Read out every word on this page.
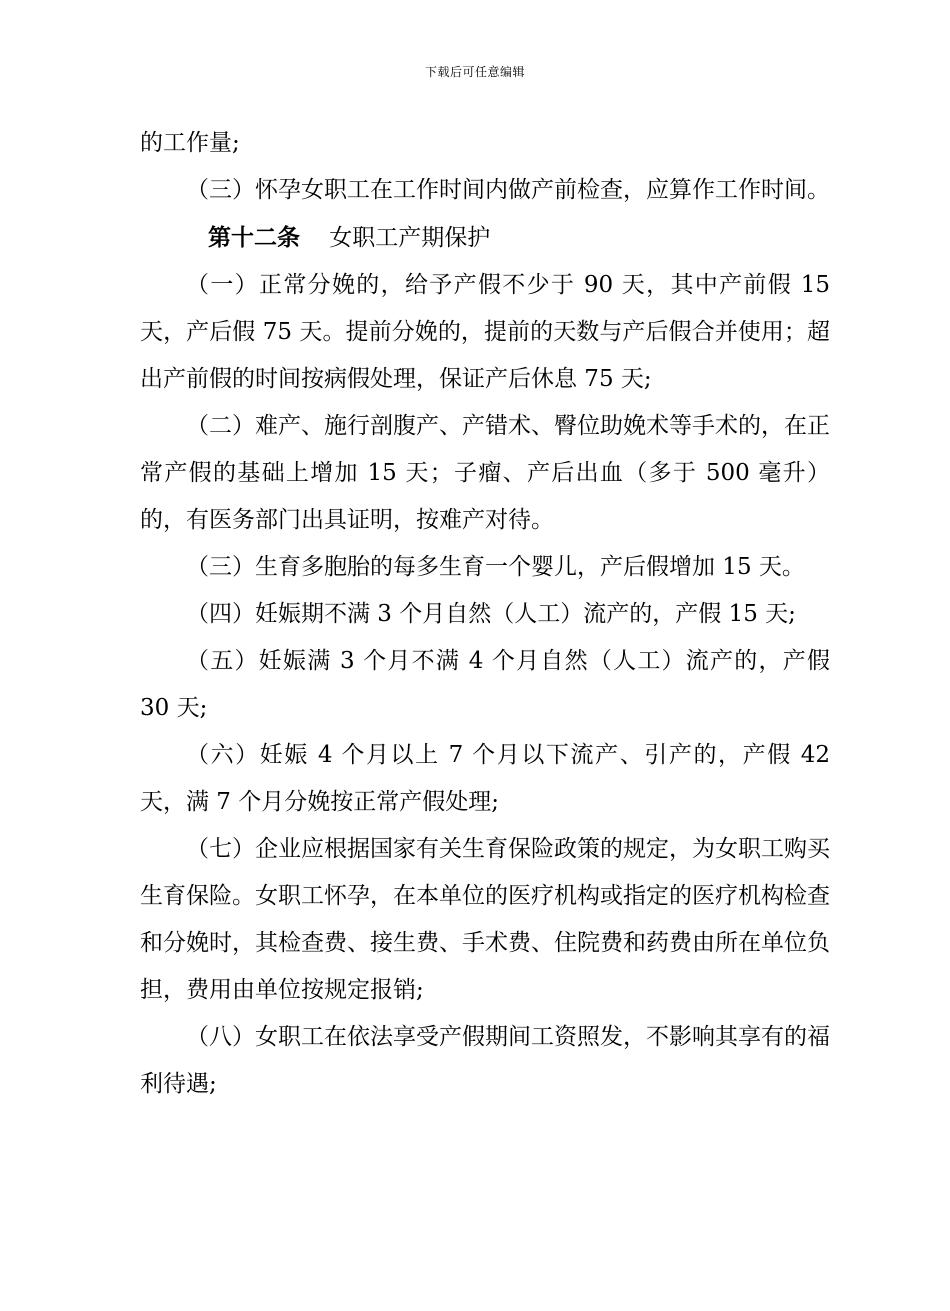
下载后可任意编辑

的工作量;

（三）怀孕女职工在工作时间内做产前检查，应算作工作时间。

第十二条    女职工产期保护

（一）正常分娩的，给予产假不少于 90 天，其中产前假 15 天，产后假 75 天。提前分娩的，提前的天数与产后假合并使用；超出产前假的时间按病假处理，保证产后休息 75 天;

（二）难产、施行剖腹产、产错术、臀位助娩术等手术的，在正常产假的基础上增加 15 天；子瘤、产后出血（多于 500 毫升）的，有医务部门出具证明，按难产对待。

（三）生育多胞胎的每多生育一个婴儿，产后假增加 15 天。

（四）妊娠期不满 3 个月自然（人工）流产的，产假 15 天;

（五）妊娠满 3 个月不满 4 个月自然（人工）流产的，产假 30 天;

（六）妊娠 4 个月以上 7 个月以下流产、引产的，产假 42 天，满 7 个月分娩按正常产假处理;

（七）企业应根据国家有关生育保险政策的规定，为女职工购买生育保险。女职工怀孕，在本单位的医疗机构或指定的医疗机构检查和分娩时，其检查费、接生费、手术费、住院费和药费由所在单位负担，费用由单位按规定报销;

（八）女职工在依法享受产假期间工资照发，不影响其享有的福利待遇;
